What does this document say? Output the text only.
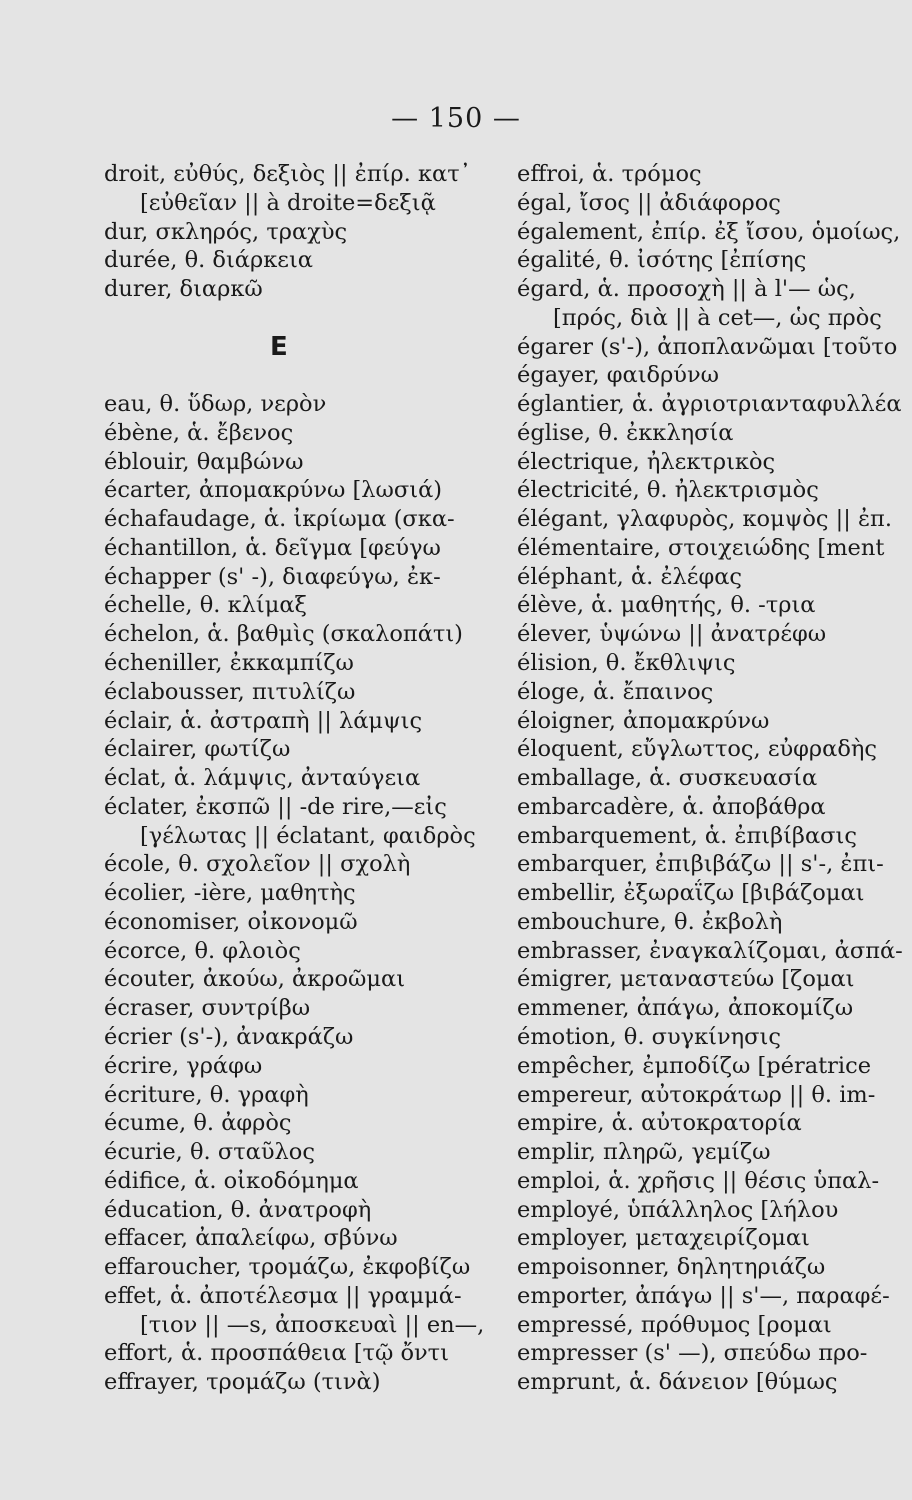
— 150 —
droit, εὐθύς, δεξιὸς || ἐπίρ. κατ᾽
[εὐθεῖαν || à droite=δεξιᾷ
dur, σκληρός, τραχὺς
durée, θ. διάρκεια
durer, διαρκῶ
E
eau, θ. ὕδωρ, νερὸν
ébène, ἁ. ἔβενος
éblouir, θαμβώνω
écarter, ἀπομακρύνω [λωσιά)
échafaudage, ἁ. ἰκρίωμα (σκα-
échantillon, ἁ. δεῖγμα [φεύγω
échapper (s' -), διαφεύγω, ἐκ-
échelle, θ. κλίμαξ
échelon, ἁ. βαθμὶς (σκαλοπάτι)
écheniller, ἐκκαμπίζω
éclabousser, πιτυλίζω
éclair, ἁ. ἀστραπὴ || λάμψις
éclairer, φωτίζω
éclat, ἁ. λάμψις, ἀνταύγεια
éclater, ἐκσπῶ || -de rire,—εἰς
[γέλωτας || éclatant, φαιδρὸς
école, θ. σχολεῖον || σχολὴ
écolier, -ière, μαθητὴς
économiser, οἰκονομῶ
écorce, θ. φλοιὸς
écouter, ἀκούω, ἀκροῶμαι
écraser, συντρίβω
écrier (s'-), ἀνακράζω
écrire, γράφω
écriture, θ. γραφὴ
écume, θ. ἀφρὸς
écurie, θ. σταῦλος
édifice, ἁ. οἰκοδόμημα
éducation, θ. ἀνατροφὴ
effacer, ἀπαλείφω, σβύνω
effaroucher, τρομάζω, ἐκφοβίζω
effet, ἁ. ἀποτέλεσμα || γραμμά-
[τιον || —s, ἀποσκευαὶ || en—,
effort, ἁ. προσπάθεια [τῷ ὄντι
effrayer, τρομάζω (τινὰ)
effroi, ἁ. τρόμος
égal, ἴσος || ἀδιάφορος
également, ἐπίρ. ἐξ ἴσου, ὁμοίως,
égalité, θ. ἰσότης [ἐπίσης
égard, ἁ. προσοχὴ || à l'— ὡς,
[πρός, διὰ || à cet—, ὡς πρὸς
égarer (s'-), ἀποπλανῶμαι [τοῦτο
égayer, φαιδρύνω
églantier, ἁ. ἀγριοτριανταφυλλέα
église, θ. ἐκκλησία
électrique, ἠλεκτρικὸς
électricité, θ. ἠλεκτρισμὸς
élégant, γλαφυρὸς, κομψὸς || ἐπ.
élémentaire, στοιχειώδης [ment
éléphant, ἁ. ἐλέφας
élève, ἁ. μαθητής, θ. -τρια
élever, ὑψώνω || ἀνατρέφω
élision, θ. ἔκθλιψις
éloge, ἁ. ἔπαινος
éloigner, ἀπομακρύνω
éloquent, εὔγλωττος, εὐφραδὴς
emballage, ἁ. συσκευασία
embarcadère, ἁ. ἀποβάθρα
embarquement, ἁ. ἐπιβίβασις
embarquer, ἐπιβιβάζω || s'-, ἐπι-
embellir, ἐξωραΐζω [βιβάζομαι
embouchure, θ. ἐκβολὴ
embrasser, ἐναγκαλίζομαι, ἀσπά-
émigrer, μεταναστεύω [ζομαι
emmener, ἀπάγω, ἀποκομίζω
émotion, θ. συγκίνησις
empêcher, ἐμποδίζω [pératrice
empereur, αὐτοκράτωρ || θ. im-
empire, ἁ. αὐτοκρατορία
emplir, πληρῶ, γεμίζω
emploi, ἁ. χρῆσις || θέσις ὑπαλ-
employé, ὑπάλληλος [λήλου
employer, μεταχειρίζομαι
empoisonner, δηλητηριάζω
emporter, ἀπάγω || s'—, παραφέ-
empressé, πρόθυμος [ρομαι
empresser (s' —), σπεύδω προ-
emprunt, ἁ. δάνειον [θύμως
